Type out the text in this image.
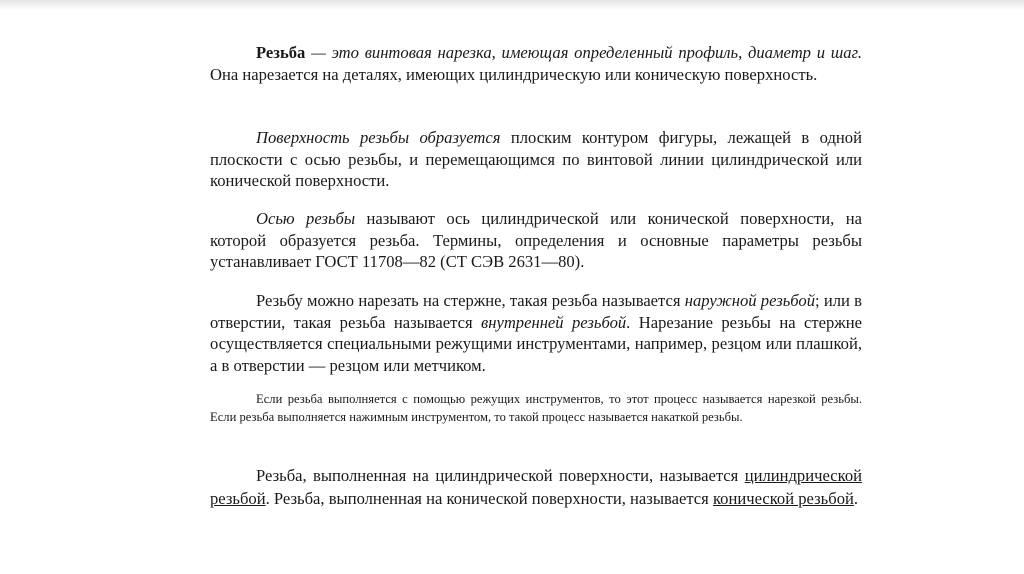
Резьба — это винтовая нарезка, имеющая определенный профиль, диаметр и шаг. Она нарезается на деталях, имеющих цилиндрическую или коническую поверхность.

Поверхность резьбы образуется плоским контуром фигуры, лежащей в одной плоскости с осью резьбы, и перемещающимся по винтовой линии цилиндрической или конической поверхности.

Осью резьбы называют ось цилиндрической или конической поверхности, на которой образуется резьба. Термины, определения и основные параметры резьбы устанавливает ГОСТ 11708—82 (СТ СЭВ 2631—80).

Резьбу можно нарезать на стержне, такая резьба называется наружной резьбой; или в отверстии, такая резьба называется внутренней резьбой. Нарезание резьбы на стержне осуществляется специальными режущими инструментами, например, резцом или плашкой, а в отверстии — резцом или метчиком.

Если резьба выполняется с помощью режущих инструментов, то этот процесс называется нарезкой резьбы. Если резьба выполняется нажимным инструментом, то такой процесс называется накаткой резьбы.

Резьба, выполненная на цилиндрической поверхности, называется цилиндрической резьбой. Резьба, выполненная на конической поверхности, называется конической резьбой.
